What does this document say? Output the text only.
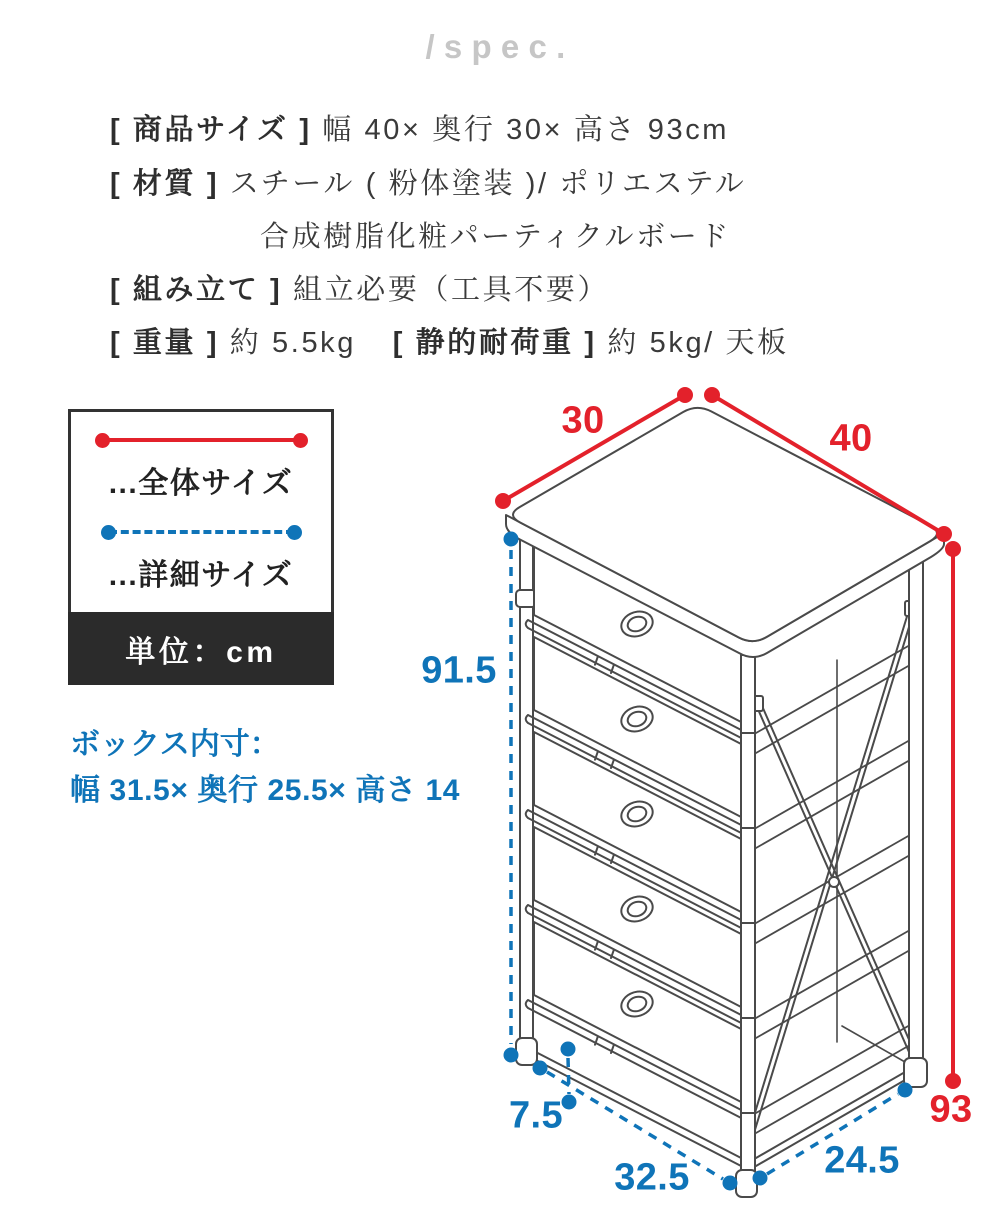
/spec.
[ 商品サイズ ] 幅 40× 奥行 30× 高さ 93cm
[ 材質 ] スチール ( 粉体塗装 )/ ポリエステル
合成樹脂化粧パーティクルボード
[ 組み立て ] 組立必要（工具不要）
[ 重量 ] 約 5.5kg [ 静的耐荷重 ] 約 5kg/ 天板
...全体サイズ
...詳細サイズ
単位：cm
ボックス内寸：
幅 31.5× 奥行 25.5× 高さ 14
30	40
91.5
93
7.5
32.5	24.5
